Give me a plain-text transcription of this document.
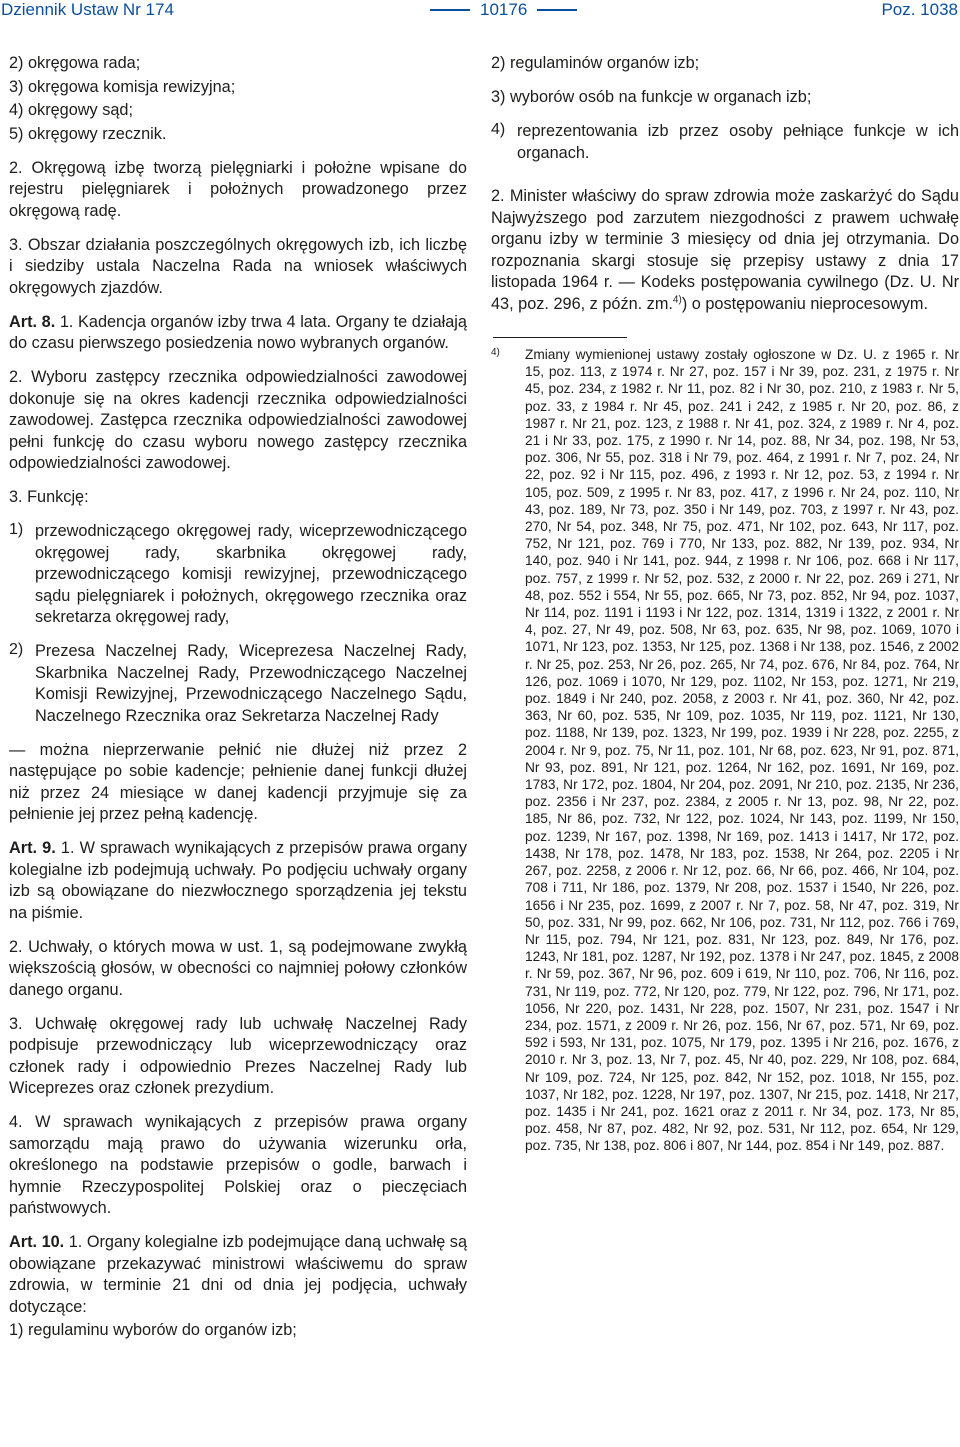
Dziennik Ustaw Nr 174	10176	Poz. 1038

2) okręgowa rada;

3) okręgowa komisja rewizyjna;

4) okręgowy sąd;

5) okręgowy rzecznik.

2. Okręgową izbę tworzą pielęgniarki i położne wpisane do rejestru pielęgniarek i położnych prowadzonego przez okręgową radę.

3. Obszar działania poszczególnych okręgowych izb, ich liczbę i siedziby ustala Naczelna Rada na wniosek właściwych okręgowych zjazdów.

Art. 8. 1. Kadencja organów izby trwa 4 lata. Organy te działają do czasu pierwszego posiedzenia nowo wybranych organów.

2. Wyboru zastępcy rzecznika odpowiedzialności zawodowej dokonuje się na okres kadencji rzecznika odpowiedzialności zawodowej. Zastępca rzecznika odpowiedzialności zawodowej pełni funkcję do czasu wyboru nowego zastępcy rzecznika odpowiedzialności zawodowej.

3. Funkcję:

1) przewodniczącego okręgowej rady, wiceprzewodniczącego okręgowej rady, skarbnika okręgowej rady, przewodniczącego komisji rewizyjnej, przewodniczącego sądu pielęgniarek i położnych, okręgowego rzecznika oraz sekretarza okręgowej rady,

2) Prezesa Naczelnej Rady, Wiceprezesa Naczelnej Rady, Skarbnika Naczelnej Rady, Przewodniczącego Naczelnej Komisji Rewizyjnej, Przewodniczącego Naczelnego Sądu, Naczelnego Rzecznika oraz Sekretarza Naczelnej Rady

— można nieprzerwanie pełnić nie dłużej niż przez 2 następujące po sobie kadencje; pełnienie danej funkcji dłużej niż przez 24 miesiące w danej kadencji przyjmuje się za pełnienie jej przez pełną kadencję.

Art. 9. 1. W sprawach wynikających z przepisów prawa organy kolegialne izb podejmują uchwały. Po podjęciu uchwały organy izb są obowiązane do niezwłocznego sporządzenia jej tekstu na piśmie.

2. Uchwały, o których mowa w ust. 1, są podejmowane zwykłą większością głosów, w obecności co najmniej połowy członków danego organu.

3. Uchwałę okręgowej rady lub uchwałę Naczelnej Rady podpisuje przewodniczący lub wiceprzewodniczący oraz członek rady i odpowiednio Prezes Naczelnej Rady lub Wiceprezes oraz członek prezydium.

4. W sprawach wynikających z przepisów prawa organy samorządu mają prawo do używania wizerunku orła, określonego na podstawie przepisów o godle, barwach i hymnie Rzeczypospolitej Polskiej oraz o pieczęciach państwowych.

Art. 10. 1. Organy kolegialne izb podejmujące daną uchwałę są obowiązane przekazywać ministrowi właściwemu do spraw zdrowia, w terminie 21 dni od dnia jej podjęcia, uchwały dotyczące:

1) regulaminu wyborów do organów izb;

2) regulaminów organów izb;

3) wyborów osób na funkcje w organach izb;

4) reprezentowania izb przez osoby pełniące funkcje w ich organach.

2. Minister właściwy do spraw zdrowia może zaskarżyć do Sądu Najwyższego pod zarzutem niezgodności z prawem uchwałę organu izby w terminie 3 miesięcy od dnia jej otrzymania. Do rozpoznania skargi stosuje się przepisy ustawy z dnia 17 listopada 1964 r. — Kodeks postępowania cywilnego (Dz. U. Nr 43, poz. 296, z późn. zm.$^{4)}$) o postępowaniu nieprocesowym.

4)	Zmiany wymienionej ustawy zostały ogłoszone w Dz. U. z 1965 r. Nr 15, poz. 113, z 1974 r. Nr 27, poz. 157 i Nr 39, poz. 231, z 1975 r. Nr 45, poz. 234, z 1982 r. Nr 11, poz. 82 i Nr 30, poz. 210, z 1983 r. Nr 5, poz. 33, z 1984 r. Nr 45, poz. 241 i 242, z 1985 r. Nr 20, poz. 86, z 1987 r. Nr 21, poz. 123, z 1988 r. Nr 41, poz. 324, z 1989 r. Nr 4, poz. 21 i Nr 33, poz. 175, z 1990 r. Nr 14, poz. 88, Nr 34, poz. 198, Nr 53, poz. 306, Nr 55, poz. 318 i Nr 79, poz. 464, z 1991 r. Nr 7, poz. 24, Nr 22, poz. 92 i Nr 115, poz. 496, z 1993 r. Nr 12, poz. 53, z 1994 r. Nr 105, poz. 509, z 1995 r. Nr 83, poz. 417, z 1996 r. Nr 24, poz. 110, Nr 43, poz. 189, Nr 73, poz. 350 i Nr 149, poz. 703, z 1997 r. Nr 43, poz. 270, Nr 54, poz. 348, Nr 75, poz. 471, Nr 102, poz. 643, Nr 117, poz. 752, Nr 121, poz. 769 i 770, Nr 133, poz. 882, Nr 139, poz. 934, Nr 140, poz. 940 i Nr 141, poz. 944, z 1998 r. Nr 106, poz. 668 i Nr 117, poz. 757, z 1999 r. Nr 52, poz. 532, z 2000 r. Nr 22, poz. 269 i 271, Nr 48, poz. 552 i 554, Nr 55, poz. 665, Nr 73, poz. 852, Nr 94, poz. 1037, Nr 114, poz. 1191 i 1193 i Nr 122, poz. 1314, 1319 i 1322, z 2001 r. Nr 4, poz. 27, Nr 49, poz. 508, Nr 63, poz. 635, Nr 98, poz. 1069, 1070 i 1071, Nr 123, poz. 1353, Nr 125, poz. 1368 i Nr 138, poz. 1546, z 2002 r. Nr 25, poz. 253, Nr 26, poz. 265, Nr 74, poz. 676, Nr 84, poz. 764, Nr 126, poz. 1069 i 1070, Nr 129, poz. 1102, Nr 153, poz. 1271, Nr 219, poz. 1849 i Nr 240, poz. 2058, z 2003 r. Nr 41, poz. 360, Nr 42, poz. 363, Nr 60, poz. 535, Nr 109, poz. 1035, Nr 119, poz. 1121, Nr 130, poz. 1188, Nr 139, poz. 1323, Nr 199, poz. 1939 i Nr 228, poz. 2255, z 2004 r. Nr 9, poz. 75, Nr 11, poz. 101, Nr 68, poz. 623, Nr 91, poz. 871, Nr 93, poz. 891, Nr 121, poz. 1264, Nr 162, poz. 1691, Nr 169, poz. 1783, Nr 172, poz. 1804, Nr 204, poz. 2091, Nr 210, poz. 2135, Nr 236, poz. 2356 i Nr 237, poz. 2384, z 2005 r. Nr 13, poz. 98, Nr 22, poz. 185, Nr 86, poz. 732, Nr 122, poz. 1024, Nr 143, poz. 1199, Nr 150, poz. 1239, Nr 167, poz. 1398, Nr 169, poz. 1413 i 1417, Nr 172, poz. 1438, Nr 178, poz. 1478, Nr 183, poz. 1538, Nr 264, poz. 2205 i Nr 267, poz. 2258, z 2006 r. Nr 12, poz. 66, Nr 66, poz. 466, Nr 104, poz. 708 i 711, Nr 186, poz. 1379, Nr 208, poz. 1537 i 1540, Nr 226, poz. 1656 i Nr 235, poz. 1699, z 2007 r. Nr 7, poz. 58, Nr 47, poz. 319, Nr 50, poz. 331, Nr 99, poz. 662, Nr 106, poz. 731, Nr 112, poz. 766 i 769, Nr 115, poz. 794, Nr 121, poz. 831, Nr 123, poz. 849, Nr 176, poz. 1243, Nr 181, poz. 1287, Nr 192, poz. 1378 i Nr 247, poz. 1845, z 2008 r. Nr 59, poz. 367, Nr 96, poz. 609 i 619, Nr 110, poz. 706, Nr 116, poz. 731, Nr 119, poz. 772, Nr 120, poz. 779, Nr 122, poz. 796, Nr 171, poz. 1056, Nr 220, poz. 1431, Nr 228, poz. 1507, Nr 231, poz. 1547 i Nr 234, poz. 1571, z 2009 r. Nr 26, poz. 156, Nr 67, poz. 571, Nr 69, poz. 592 i 593, Nr 131, poz. 1075, Nr 179, poz. 1395 i Nr 216, poz. 1676, z 2010 r. Nr 3, poz. 13, Nr 7, poz. 45, Nr 40, poz. 229, Nr 108, poz. 684, Nr 109, poz. 724, Nr 125, poz. 842, Nr 152, poz. 1018, Nr 155, poz. 1037, Nr 182, poz. 1228, Nr 197, poz. 1307, Nr 215, poz. 1418, Nr 217, poz. 1435 i Nr 241, poz. 1621 oraz z 2011 r. Nr 34, poz. 173, Nr 85, poz. 458, Nr 87, poz. 482, Nr 92, poz. 531, Nr 112, poz. 654, Nr 129, poz. 735, Nr 138, poz. 806 i 807, Nr 144, poz. 854 i Nr 149, poz. 887.
